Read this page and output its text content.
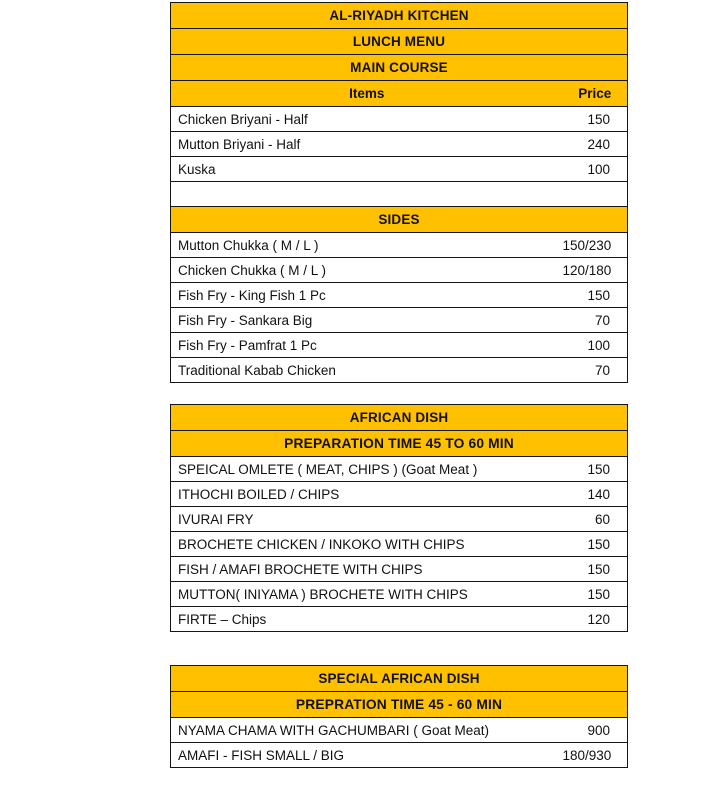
AL-RIYADH KITCHEN	
LUNCH MENU	
MAIN COURSE	
Items	Price
Chicken Briyani - Half	150
Mutton Briyani - Half	240
Kuska	100

SIDES	
Mutton Chukka ( M / L )	150/230
Chicken Chukka ( M / L )	120/180
Fish Fry - King Fish 1 Pc	150
Fish Fry - Sankara Big	70
Fish Fry - Pamfrat 1 Pc	100
Traditional Kabab Chicken	70
AFRICAN DISH	
PREPARATION TIME 45 TO 60 MIN	
SPEICAL OMLETE ( MEAT, CHIPS ) (Goat Meat )	150
ITHOCHI BOILED / CHIPS	140
IVURAI FRY	60
BROCHETE CHICKEN / INKOKO WITH CHIPS	150
FISH / AMAFI BROCHETE WITH CHIPS	150
MUTTON( INIYAMA ) BROCHETE WITH CHIPS	150
FIRTE – Chips	120
SPECIAL AFRICAN DISH	
PREPRATION TIME 45 - 60 MIN	
NYAMA CHAMA WITH GACHUMBARI ( Goat Meat)	900
AMAFI - FISH SMALL / BIG	180/930
